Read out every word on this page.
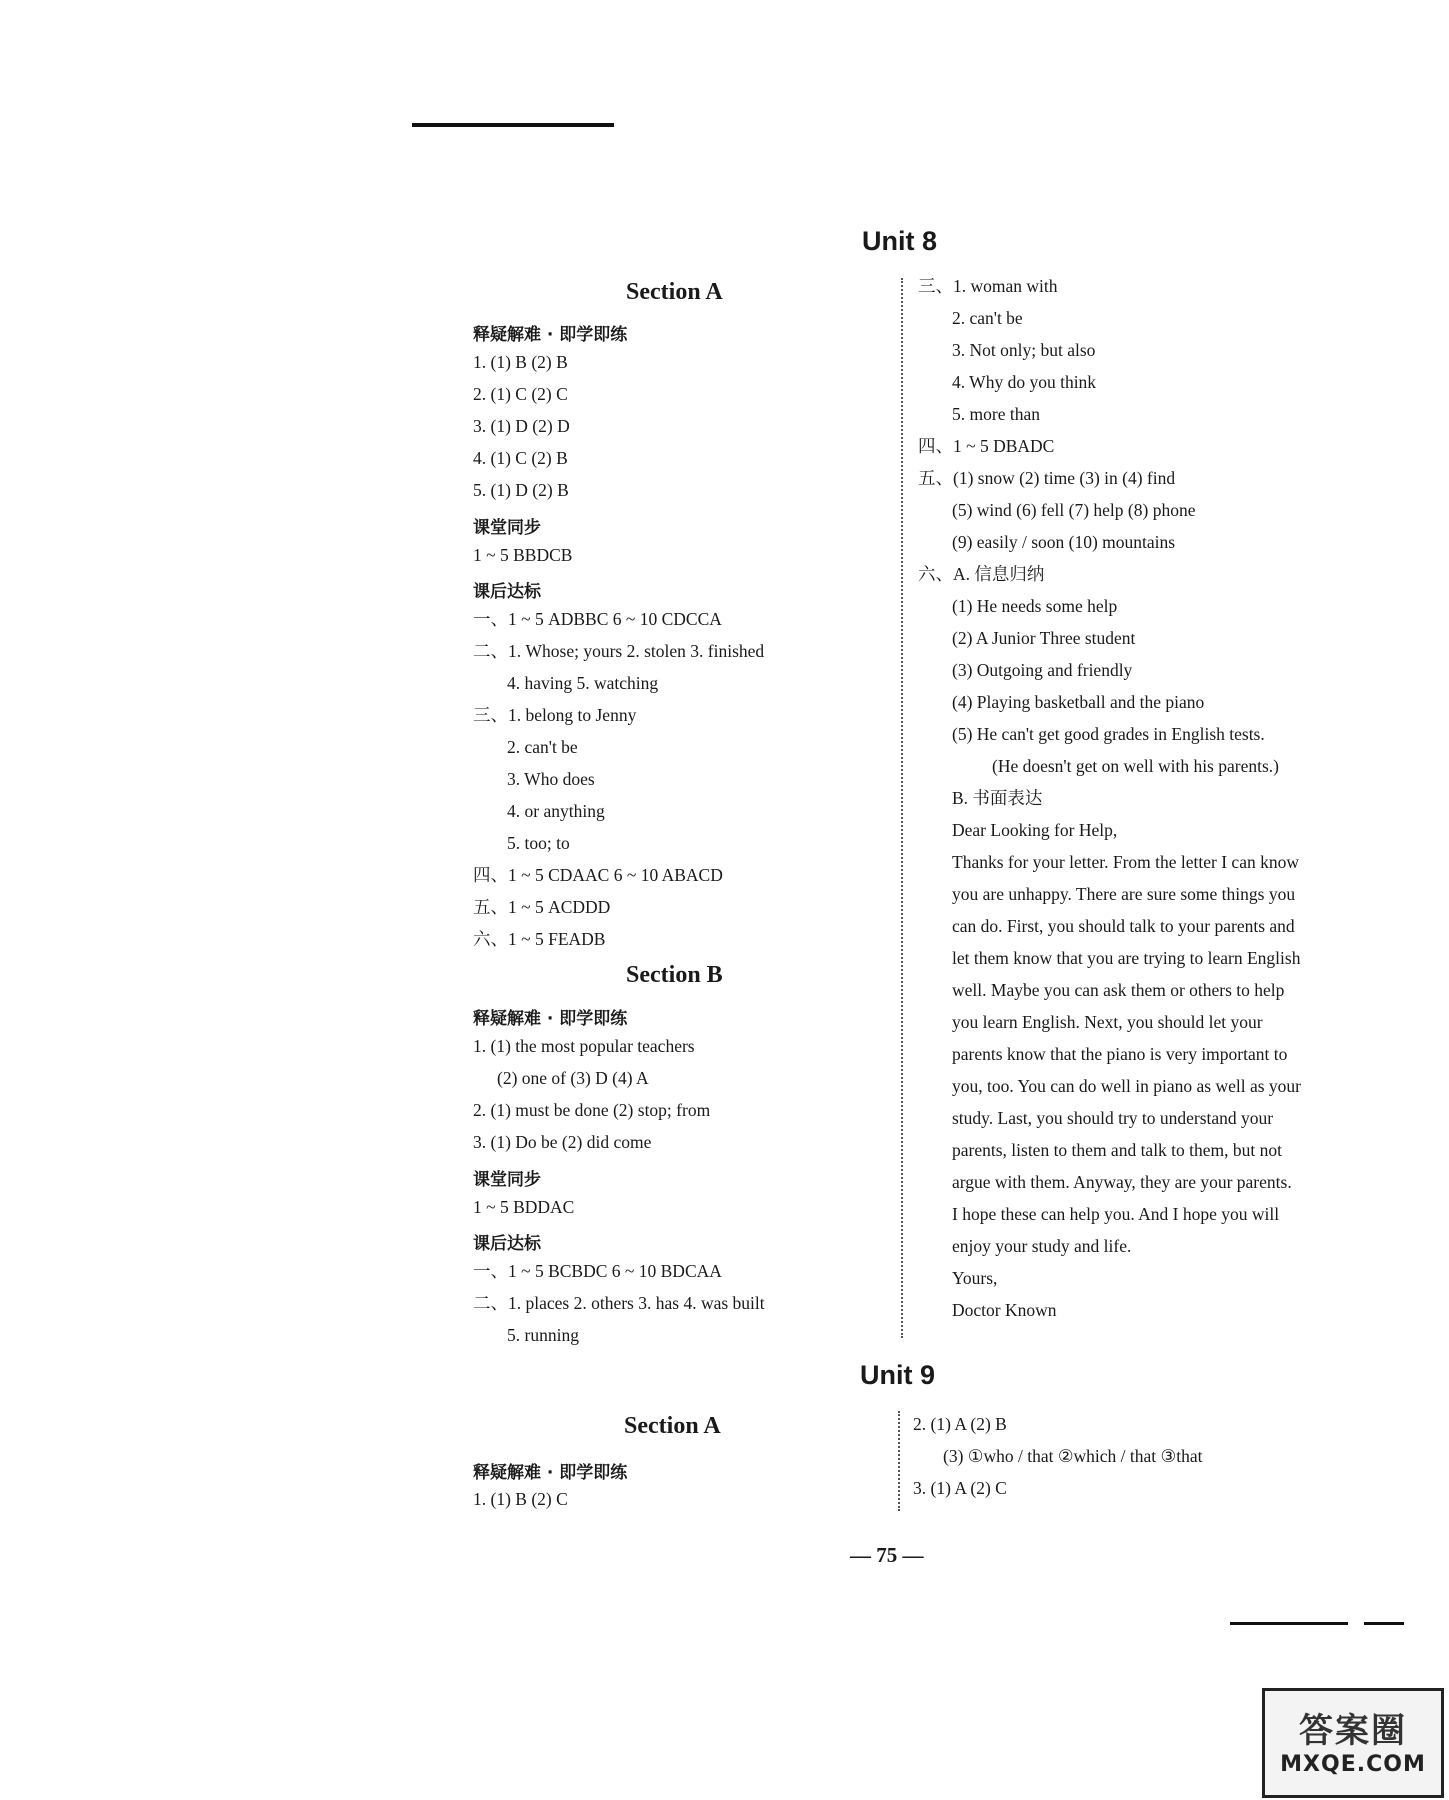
Unit 8
Section A
释疑解难 · 即学即练
1. (1) B (2) B
2. (1) C (2) C
3. (1) D (2) D
4. (1) C (2) B
5. (1) D (2) B
课堂同步
1 ~ 5 BBDCB
课后达标
一、1 ~ 5 ADBBC 6 ~ 10 CDCCA
二、1. Whose; yours 2. stolen 3. finished
4. having 5. watching
三、1. belong to Jenny
2. can't be
3. Who does
4. or anything
5. too; to
四、1 ~ 5 CDAAC 6 ~ 10 ABACD
五、1 ~ 5 ACDDD
六、1 ~ 5 FEADB
Section B
释疑解难 · 即学即练
1. (1) the most popular teachers
(2) one of (3) D (4) A
2. (1) must be done (2) stop; from
3. (1) Do be (2) did come
课堂同步
1 ~ 5 BDDAC
课后达标
一、1 ~ 5 BCBDC 6 ~ 10 BDCAA
二、1. places 2. others 3. has 4. was built
5. running
三、1. woman with
2. can't be
3. Not only; but also
4. Why do you think
5. more than
四、1 ~ 5 DBADC
五、(1) snow (2) time (3) in (4) find
(5) wind (6) fell (7) help (8) phone
(9) easily / soon (10) mountains
六、A. 信息归纳
(1) He needs some help
(2) A Junior Three student
(3) Outgoing and friendly
(4) Playing basketball and the piano
(5) He can't get good grades in English tests.
(He doesn't get on well with his parents.)
B. 书面表达
Dear Looking for Help,
Thanks for your letter. From the letter I can know
you are unhappy. There are sure some things you
can do. First, you should talk to your parents and
let them know that you are trying to learn English
well. Maybe you can ask them or others to help
you learn English. Next, you should let your
parents know that the piano is very important to
you, too. You can do well in piano as well as your
study. Last, you should try to understand your
parents, listen to them and talk to them, but not
argue with them. Anyway, they are your parents.
I hope these can help you. And I hope you will
enjoy your study and life.
Yours,
Doctor Known
Unit 9
Section A
释疑解难 · 即学即练
1. (1) B (2) C
2. (1) A (2) B
(3) ①who / that ②which / that ③that
3. (1) A (2) C
— 75 —
答案圈
MXQE.COM
